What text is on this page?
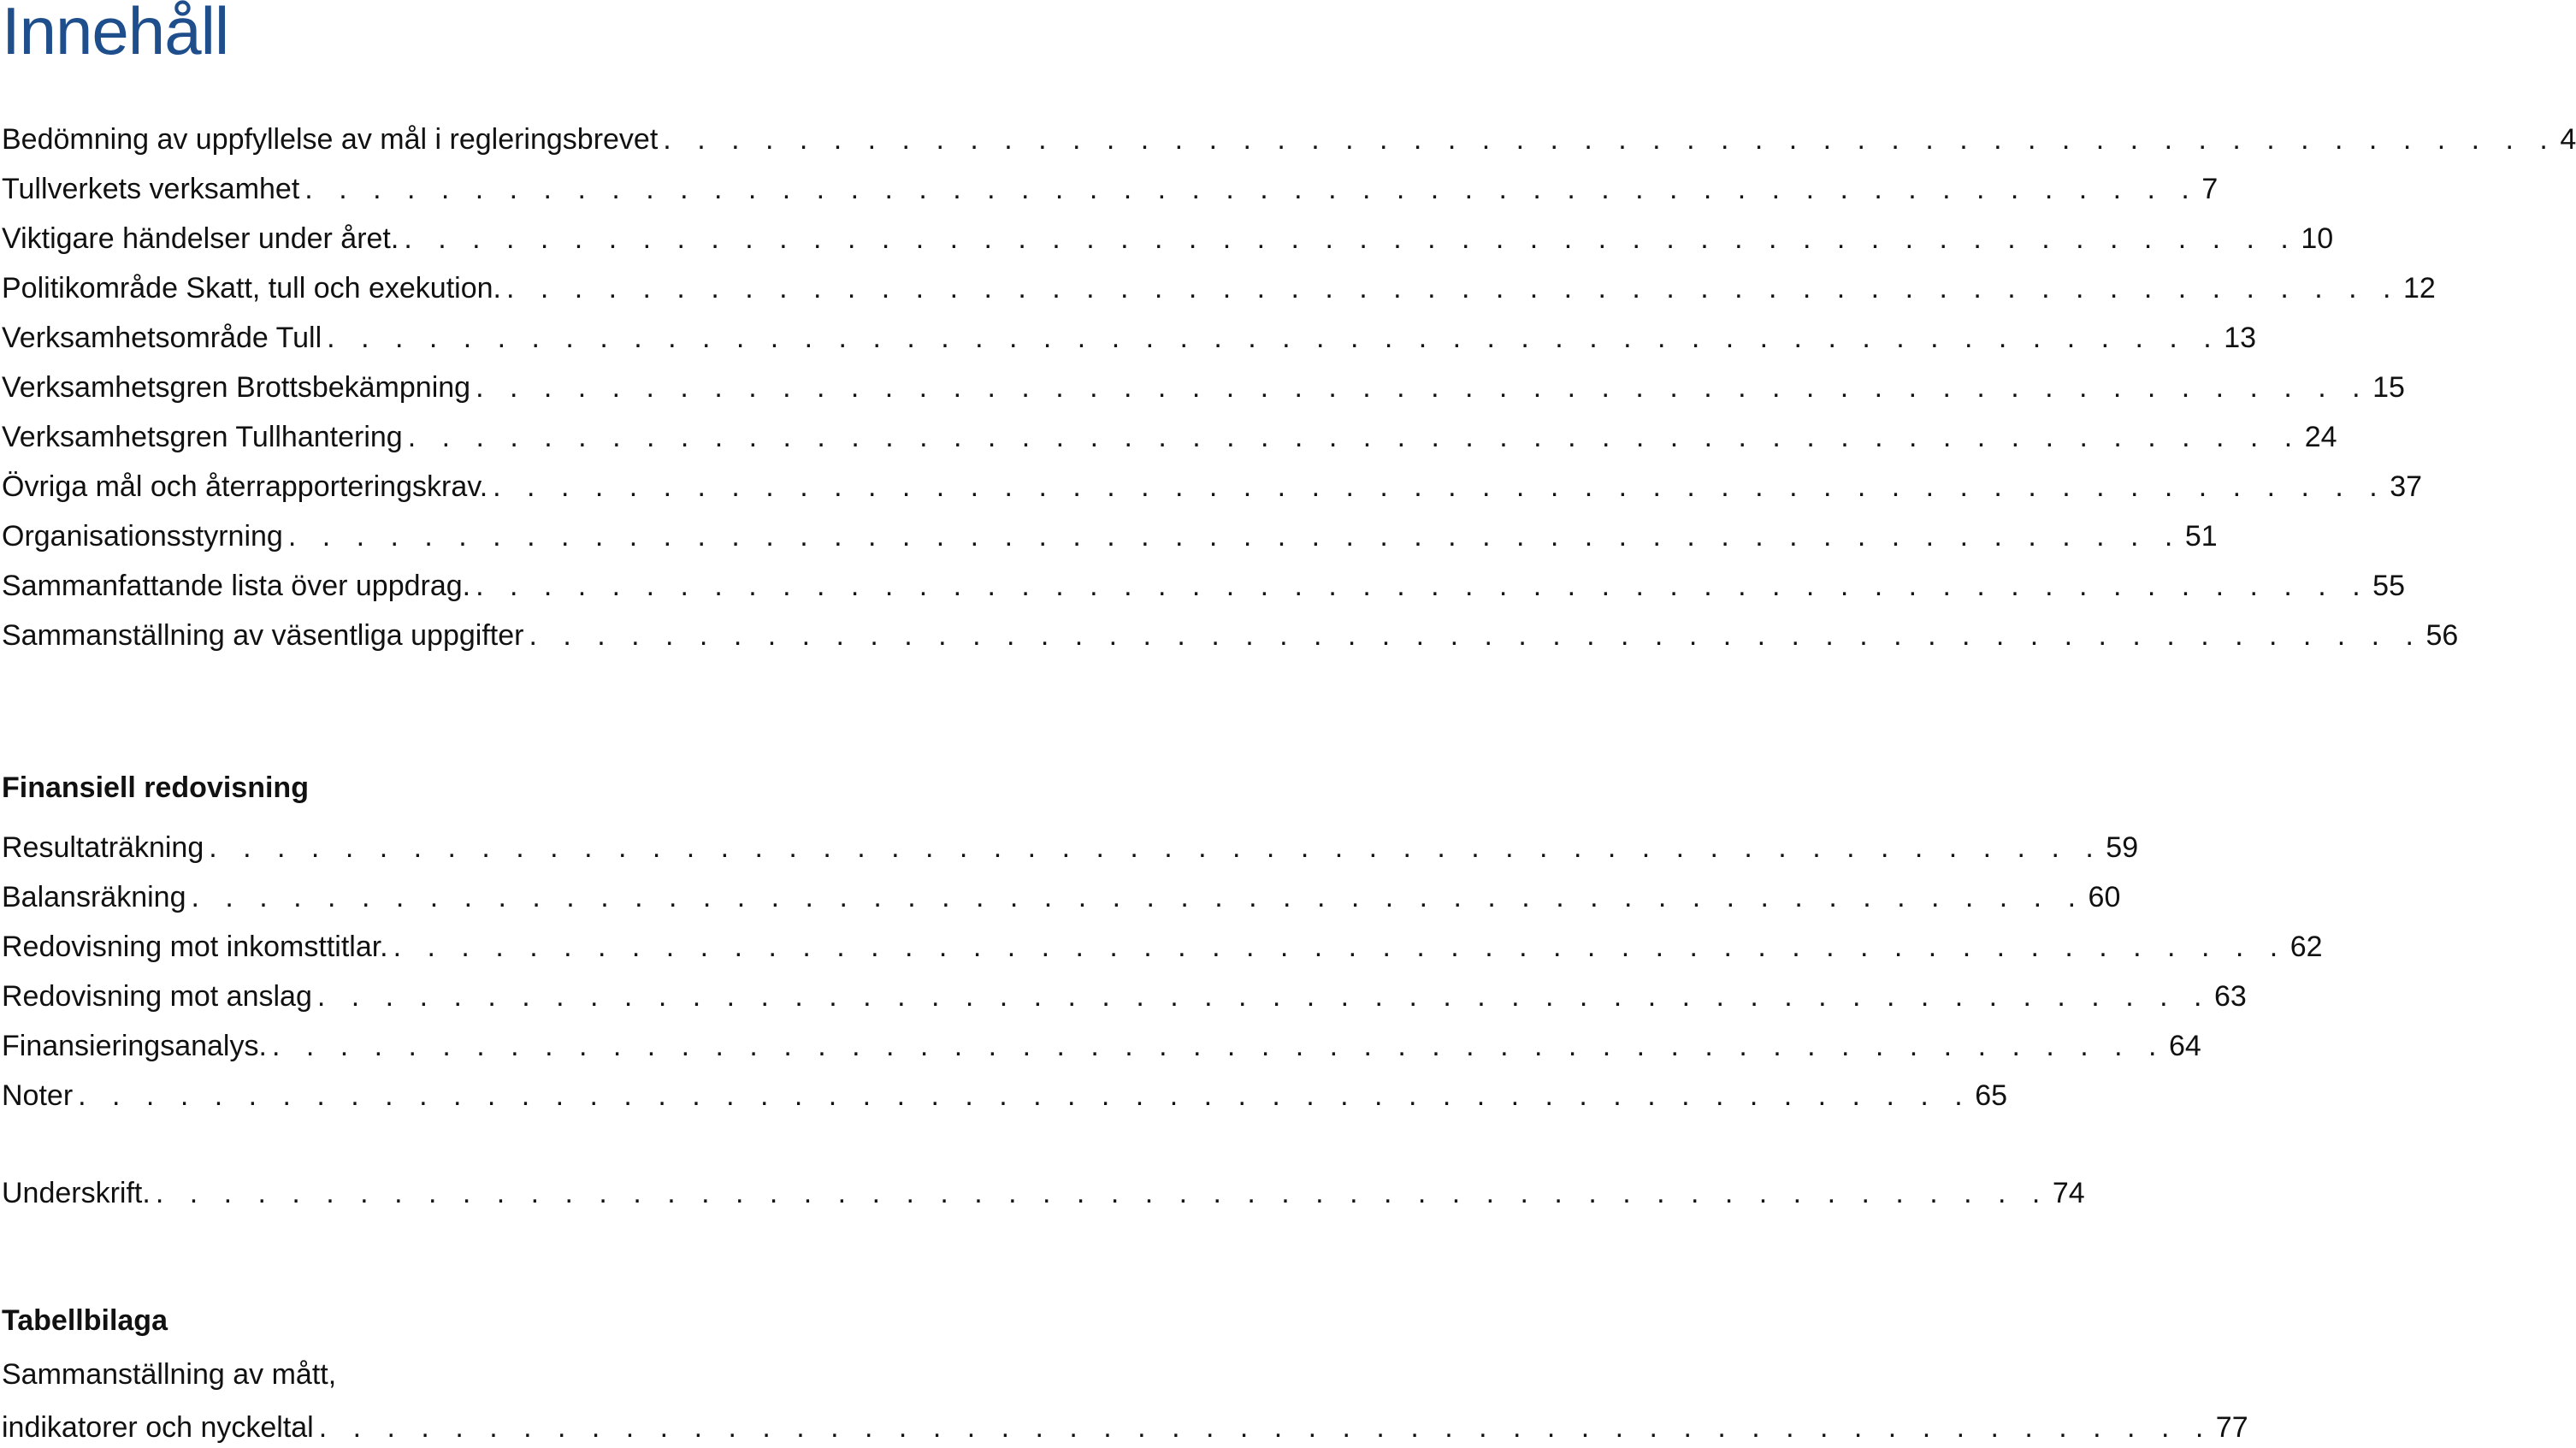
Innehåll
Bedömning av uppfyllelse av mål i regleringsbrevet . . . . . . . . . . . . . . . . . . . . . . . . . . . . . . . . . . . . . . . . . . . . . . . . . . . . . . . . 4
Tullverkets verksamhet . . . . . . . . . . . . . . . . . . . . . . . . . . . . . . . . . . . . . . . . . . . . . . . . . . . . . . . . 7
Viktigare händelser under året. . . . . . . . . . . . . . . . . . . . . . . . . . . . . . . . . . . . . . . . . . . . . . . . . . . . . . . . . 10
Politikområde Skatt, tull och exekution. . . . . . . . . . . . . . . . . . . . . . . . . . . . . . . . . . . . . . . . . . . . . . . . . . . . . . . . . 12
Verksamhetsområde Tull . . . . . . . . . . . . . . . . . . . . . . . . . . . . . . . . . . . . . . . . . . . . . . . . . . . . . . . . 13
Verksamhetsgren Brottsbekämpning . . . . . . . . . . . . . . . . . . . . . . . . . . . . . . . . . . . . . . . . . . . . . . . . . . . . . . . . 15
Verksamhetsgren Tullhantering . . . . . . . . . . . . . . . . . . . . . . . . . . . . . . . . . . . . . . . . . . . . . . . . . . . . . . . . 24
Övriga mål och återrapporteringskrav. . . . . . . . . . . . . . . . . . . . . . . . . . . . . . . . . . . . . . . . . . . . . . . . . . . . . . . . . 37
Organisationsstyrning . . . . . . . . . . . . . . . . . . . . . . . . . . . . . . . . . . . . . . . . . . . . . . . . . . . . . . . . 51
Sammanfattande lista över uppdrag. . . . . . . . . . . . . . . . . . . . . . . . . . . . . . . . . . . . . . . . . . . . . . . . . . . . . . . . . 55
Sammanställning av väsentliga uppgifter . . . . . . . . . . . . . . . . . . . . . . . . . . . . . . . . . . . . . . . . . . . . . . . . . . . . . . . . 56
Finansiell redovisning
Resultaträkning . . . . . . . . . . . . . . . . . . . . . . . . . . . . . . . . . . . . . . . . . . . . . . . . . . . . . . . . 59
Balansräkning . . . . . . . . . . . . . . . . . . . . . . . . . . . . . . . . . . . . . . . . . . . . . . . . . . . . . . . . 60
Redovisning mot inkomsttitlar. . . . . . . . . . . . . . . . . . . . . . . . . . . . . . . . . . . . . . . . . . . . . . . . . . . . . . . . . 62
Redovisning mot anslag . . . . . . . . . . . . . . . . . . . . . . . . . . . . . . . . . . . . . . . . . . . . . . . . . . . . . . . . 63
Finansieringsanalys. . . . . . . . . . . . . . . . . . . . . . . . . . . . . . . . . . . . . . . . . . . . . . . . . . . . . . . . . 64
Noter . . . . . . . . . . . . . . . . . . . . . . . . . . . . . . . . . . . . . . . . . . . . . . . . . . . . . . . . 65
Underskrift. . . . . . . . . . . . . . . . . . . . . . . . . . . . . . . . . . . . . . . . . . . . . . . . . . . . . . . . . 74
Tabellbilaga
Sammanställning av mått,
indikatorer och nyckeltal . . . . . . . . . . . . . . . . . . . . . . . . . . . . . . . . . . . . . . . . . . . . . . . . . . . . . . . . 77
